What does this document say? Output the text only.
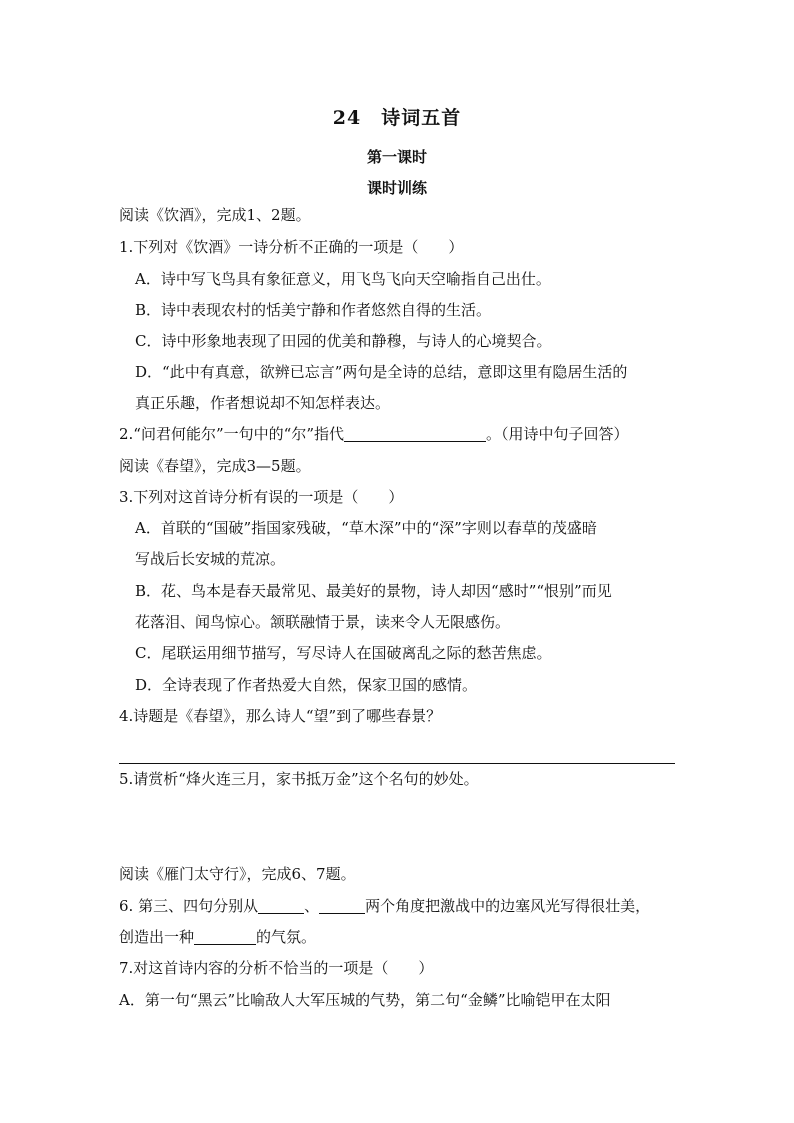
24　诗词五首
第一课时
课时训练
阅读《饮酒》，完成1、2题。
1.下列对《饮酒》一诗分析不正确的一项是（　　）
A．诗中写飞鸟具有象征意义，用飞鸟飞向天空喻指自己出仕。
B．诗中表现农村的恬美宁静和作者悠然自得的生活。
C．诗中形象地表现了田园的优美和静穆，与诗人的心境契合。
D．“此中有真意，欲辨已忘言”两句是全诗的总结，意即这里有隐居生活的
真正乐趣，作者想说却不知怎样表达。
2.“问君何能尔”一句中的“尔”指代	。（用诗中句子回答）
阅读《春望》，完成3—5题。
3.下列对这首诗分析有误的一项是（　　）
A．首联的“国破”指国家残破，“草木深”中的“深”字则以春草的茂盛暗
写战后长安城的荒凉。
B．花、鸟本是春天最常见、最美好的景物，诗人却因“感时”“恨别”而见
花落泪、闻鸟惊心。颔联融情于景，读来令人无限感伤。
C．尾联运用细节描写，写尽诗人在国破离乱之际的愁苦焦虑。
D．全诗表现了作者热爱大自然，保家卫国的感情。
4.诗题是《春望》，那么诗人“望”到了哪些春景？
5.请赏析“烽火连三月，家书抵万金”这个名句的妙处。
阅读《雁门太守行》，完成6、7题。
6. 第三、四句分别从	、	两个角度把激战中的边塞风光写得很壮美，
创造出一种	的气氛。
7.对这首诗内容的分析不恰当的一项是（　　）
A．第一句“黑云”比喻敌人大军压城的气势，第二句“金鳞”比喻铠甲在太阳
